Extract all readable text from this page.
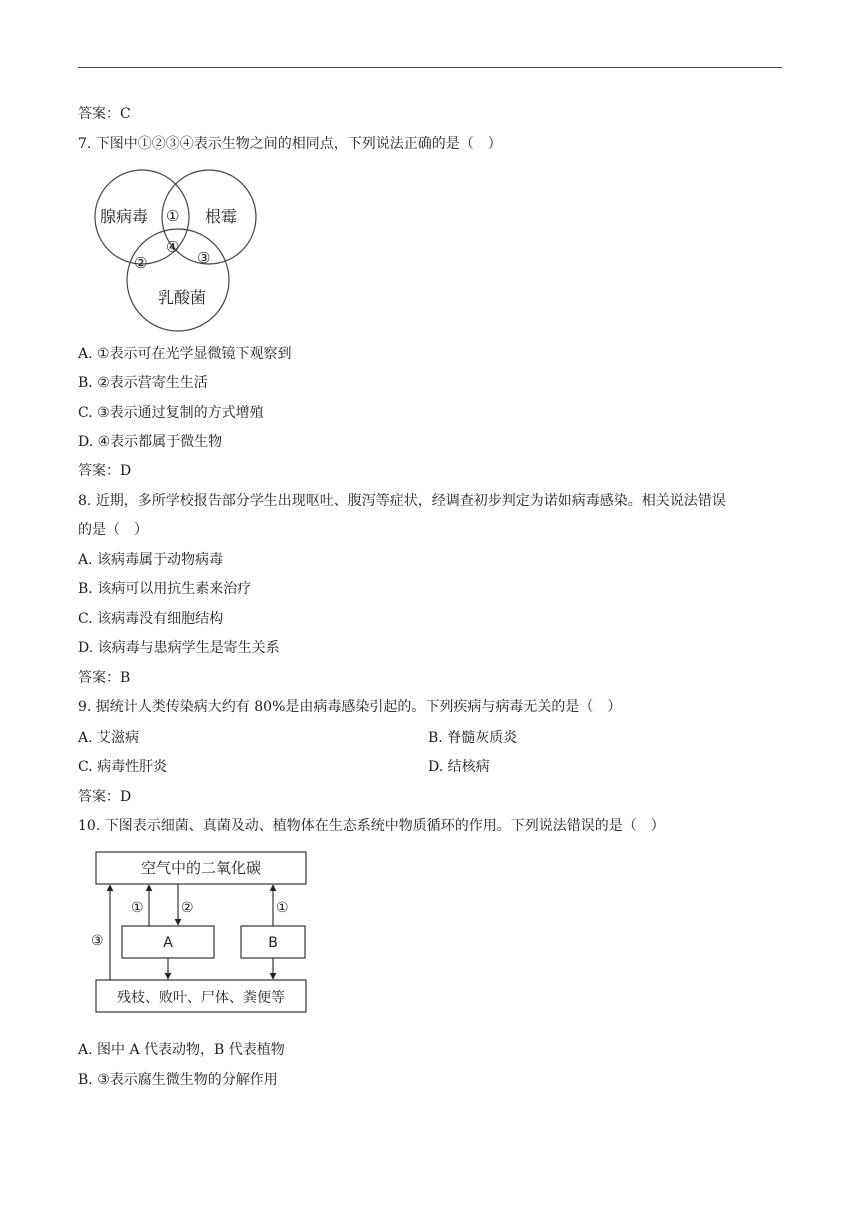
答案：C
7. 下图中①②③④表示生物之间的相同点，下列说法正确的是（　）
腺病毒	根霉
乳酸菌
①
④
②	③
A. ①表示可在光学显微镜下观察到
B. ②表示营寄生生活
C. ③表示通过复制的方式增殖
D. ④表示都属于微生物
答案：D
8. 近期，多所学校报告部分学生出现呕吐、腹泻等症状，经调查初步判定为诺如病毒感染。相关说法错误
的是（　）
A. 该病毒属于动物病毒
B. 该病可以用抗生素来治疗
C. 该病毒没有细胞结构
D. 该病毒与患病学生是寄生关系
答案：B
9. 据统计人类传染病大约有 80%是由病毒感染引起的。下列疾病与病毒无关的是（　）
A. 艾滋病	B. 脊髓灰质炎
C. 病毒性肝炎	D. 结核病
答案：D
10. 下图表示细菌、真菌及动、植物体在生态系统中物质循环的作用。下列说法错误的是（　）
空气中的二氧化碳
A	B
残枝、败叶、尸体、粪便等
①	②	①
③
A. 图中 A 代表动物，B 代表植物
B. ③表示腐生微生物的分解作用
